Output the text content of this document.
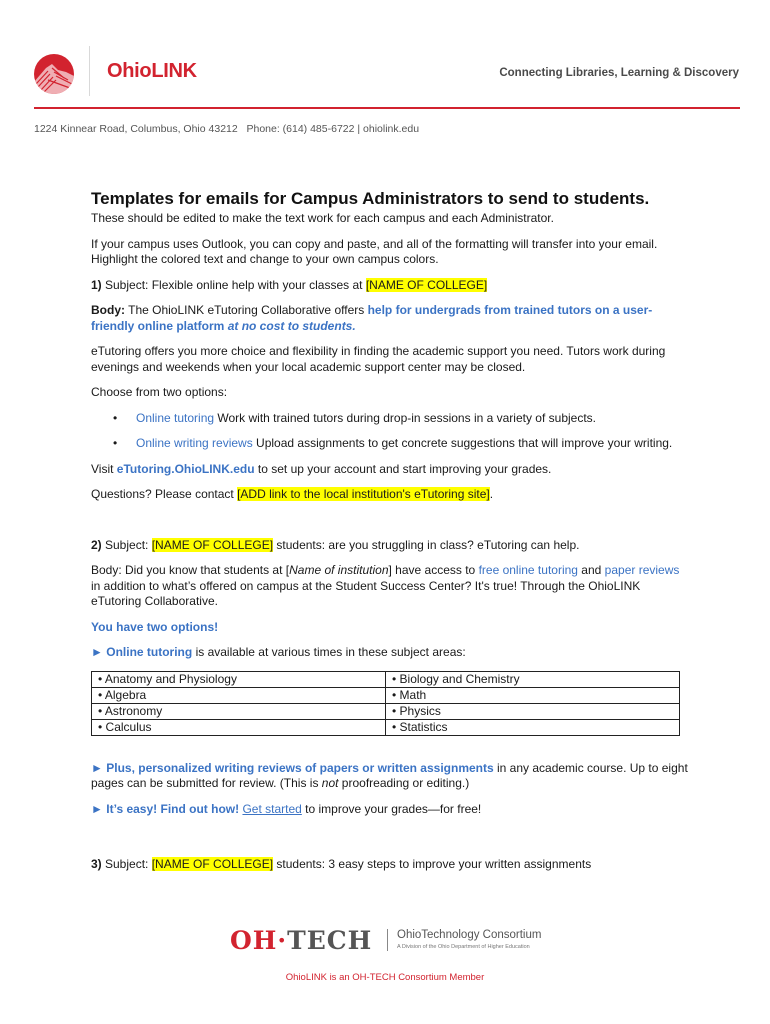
OhioLINK	Connecting Libraries, Learning & Discovery
1224 Kinnear Road, Columbus, Ohio 43212   Phone: (614) 485-6722 | ohiolink.edu
Templates for emails for Campus Administrators to send to students.

These should be edited to make the text work for each campus and each Administrator.

If your campus uses Outlook, you can copy and paste, and all of the formatting will transfer into your email. Highlight the colored text and change to your own campus colors.

1) Subject: Flexible online help with your classes at [NAME OF COLLEGE]

Body: The OhioLINK eTutoring Collaborative offers help for undergrads from trained tutors on a user-friendly online platform at no cost to students.

eTutoring offers you more choice and flexibility in finding the academic support you need. Tutors work during evenings and weekends when your local academic support center may be closed.

Choose from two options:

• Online tutoring Work with trained tutors during drop-in sessions in a variety of subjects.
• Online writing reviews Upload assignments to get concrete suggestions that will improve your writing.

Visit eTutoring.OhioLINK.edu to set up your account and start improving your grades.

Questions? Please contact [ADD link to the local institution's eTutoring site].

2) Subject: [NAME OF COLLEGE] students: are you struggling in class? eTutoring can help.

Body: Did you know that students at [Name of institution] have access to free online tutoring and paper reviews in addition to what’s offered on campus at the Student Success Center? It's true! Through the OhioLINK eTutoring Collaborative.

You have two options!

► Online tutoring is available at various times in these subject areas:

• Anatomy and Physiology	• Biology and Chemistry
• Algebra	• Math
• Astronomy	• Physics
• Calculus	• Statistics

► Plus, personalized writing reviews of papers or written assignments in any academic course. Up to eight pages can be submitted for review. (This is not proofreading or editing.)

► It’s easy! Find out how! Get started to improve your grades—for free!

3) Subject: [NAME OF COLLEGE] students: 3 easy steps to improve your written assignments

OH·TECH OhioTechnology Consortium
A Division of the Ohio Department of Higher Education
OhioLINK is an OH-TECH Consortium Member
